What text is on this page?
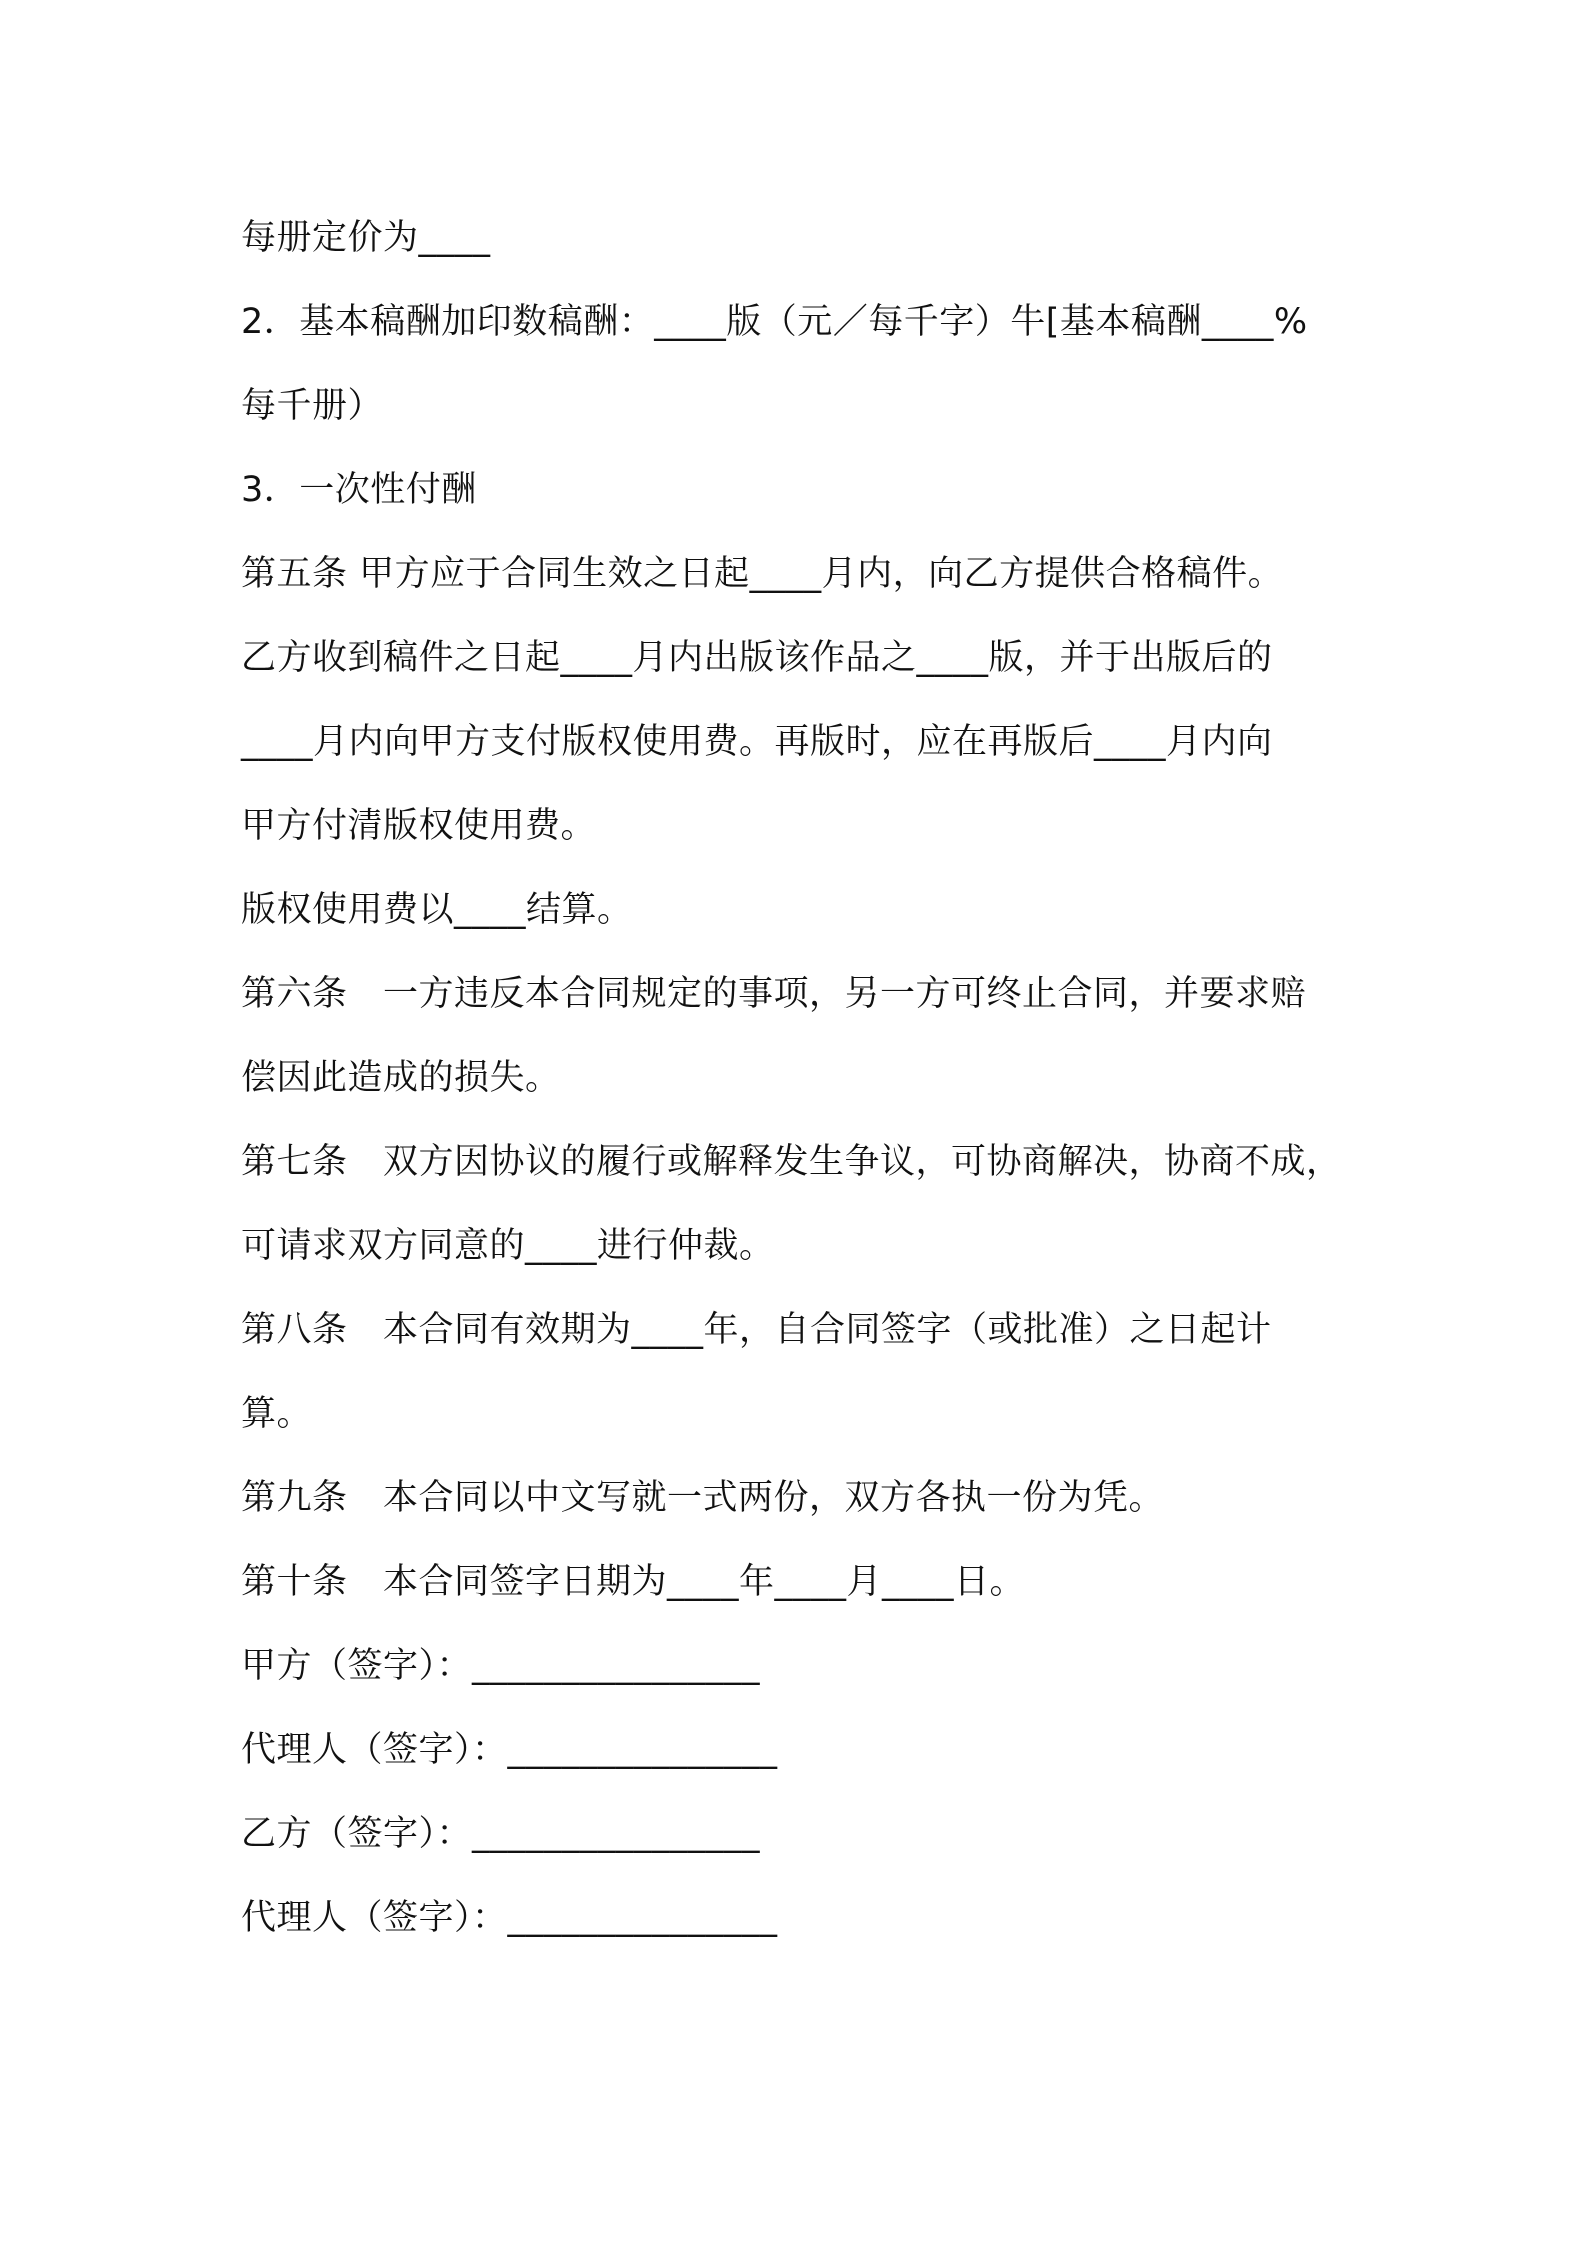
每册定价为____
2．基本稿酬加印数稿酬：____版（元／每千字）牛[基本稿酬____%
每千册）
3．一次性付酬
第五条 甲方应于合同生效之日起____月内，向乙方提供合格稿件。
乙方收到稿件之日起____月内出版该作品之____版，并于出版后的
____月内向甲方支付版权使用费。再版时，应在再版后____月内向
甲方付清版权使用费。
版权使用费以____结算。
第六条　一方违反本合同规定的事项，另一方可终止合同，并要求赔
偿因此造成的损失。
第七条　双方因协议的履行或解释发生争议，可协商解决，协商不成，
可请求双方同意的____进行仲裁。
第八条　本合同有效期为____年，自合同签字（或批准）之日起计
算。
第九条　本合同以中文写就一式两份，双方各执一份为凭。
第十条　本合同签字日期为____年____月____日。
甲方（签字）：________________
代理人（签字）：_______________
乙方（签字）：________________
代理人（签字）：_______________
